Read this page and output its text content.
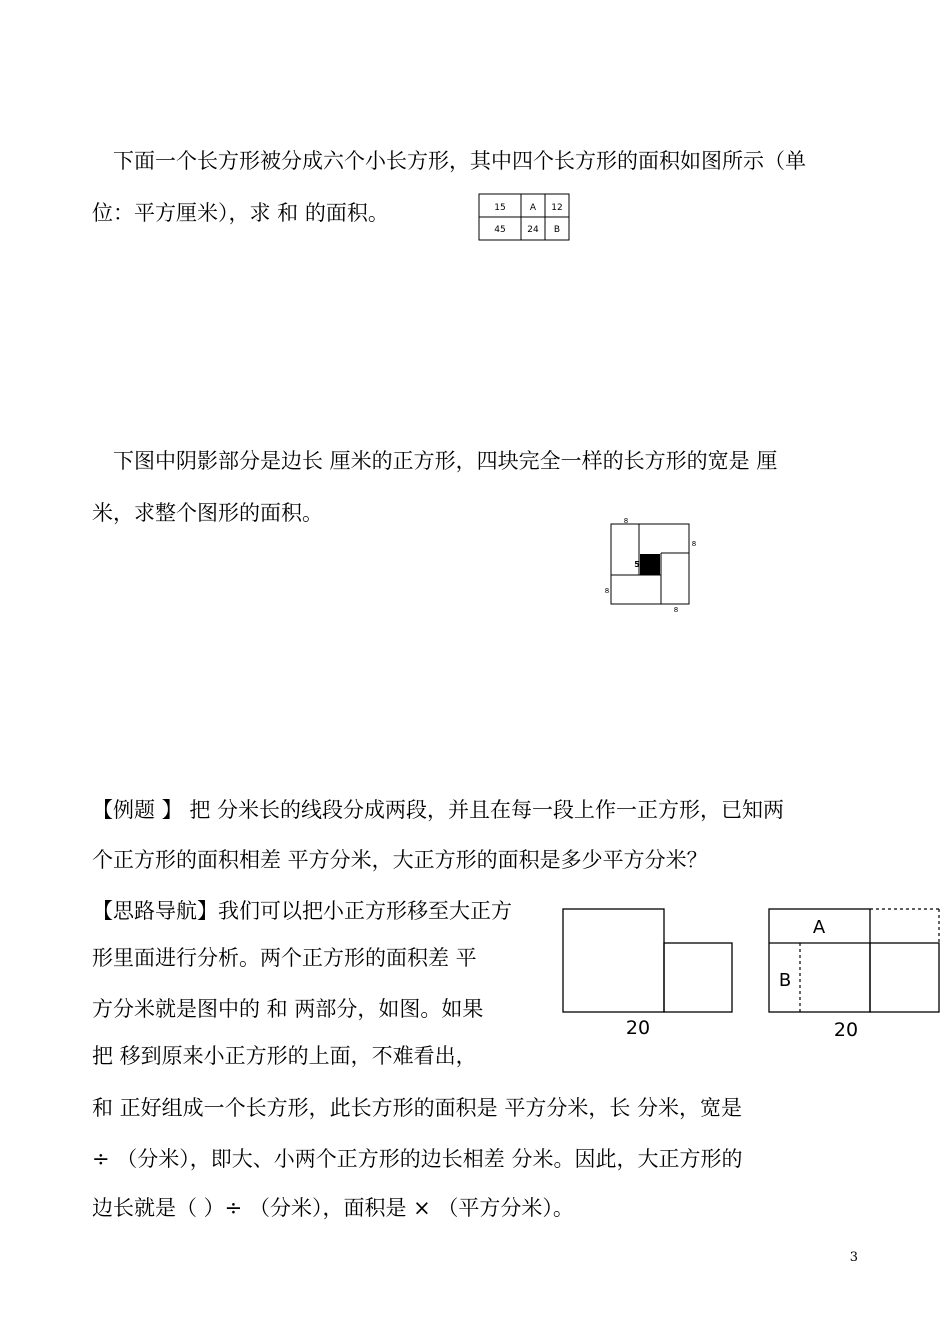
下面一个长方形被分成六个小长方形，其中四个长方形的面积如图所示（单
位：平方厘米），求 和 的面积。	15	A 12
45 24 B
下图中阴影部分是边长 厘米的正方形，四块完全一样的长方形的宽是 厘
米，求整个图形的面积。	8
8
8
8
5
【例题 】 把 分米长的线段分成两段，并且在每一段上作一正方形，已知两
个正方形的面积相差 平方分米，大正方形的面积是多少平方分米？
【思路导航】我们可以把小正方形移至大正方
形里面进行分析。两个正方形的面积差 平
方分米就是图中的 和 两部分，如图。如果
把 移到原来小正方形的上面，不难看出，
和 正好组成一个长方形，此长方形的面积是 平方分米，长 分米，宽是
÷ （分米），即大、小两个正方形的边长相差 分米。因此，大正方形的
边长就是（ ）÷ （分米），面积是 × （平方分米）。
20
A
B
20
3
